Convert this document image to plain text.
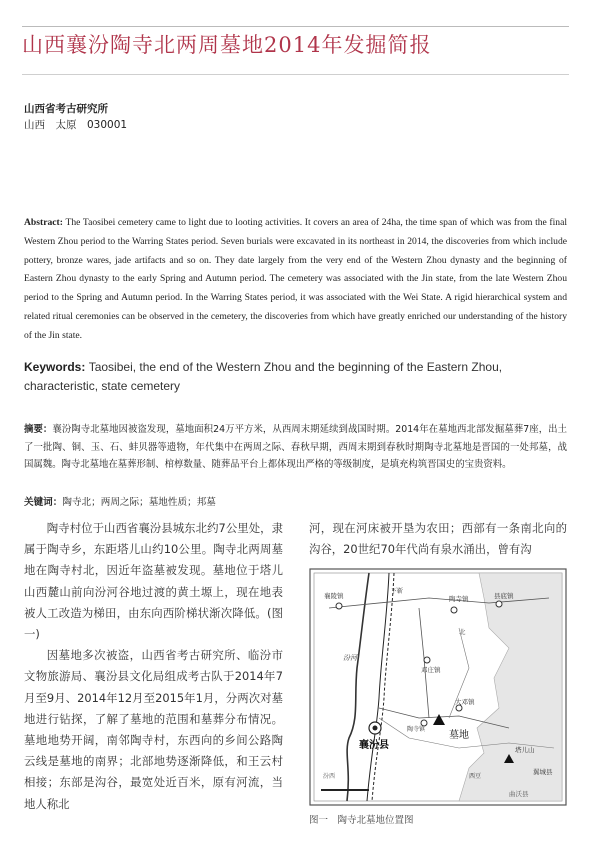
山西襄汾陶寺北两周墓地2014年发掘简报
山西省考古研究所
山西　太原　030001
Abstract: The Taosibei cemetery came to light due to looting activities. It covers an area of 24ha, the time span of which was from the final Western Zhou period to the Warring States period. Seven burials were excavated in its northeast in 2014, the discoveries from which include pottery, bronze wares, jade artifacts and so on. They date largely from the very end of the Western Zhou dynasty and the beginning of Eastern Zhou dynasty to the early Spring and Autumn period. The cemetery was associated with the Jin state, from the late Western Zhou period to the Spring and Autumn period. In the Warring States period, it was associated with the Wei State. A rigid hierarchical system and related ritual ceremonies can be observed in the cemetery, the discoveries from which have greatly enriched our understanding of the history of the Jin state.
Keywords: Taosibei, the end of the Western Zhou and the beginning of the Eastern Zhou, characteristic, state cemetery
摘要：襄汾陶寺北墓地因被盗发现，墓地面积24万平方米，从西周末期延续到战国时期。2014年在墓地西北部发掘墓葬7座，出土了一批陶、铜、玉、石、蚌贝器等遗物，年代集中在两周之际、春秋早期，西周末期到春秋时期陶寺北墓地是晋国的一处邦墓，战国属魏。陶寺北墓地在墓葬形制、棺椁数量、随葬品平台上都体现出严格的等级制度，是填充构筑晋国史的宝贵资料。
关键词：陶寺北；两周之际；墓地性质；邦墓

陶寺村位于山西省襄汾县城东北约7公里处，隶属于陶寺乡，东距塔儿山约10公里。陶寺北两周墓地在陶寺村北，因近年盗墓被发现。墓地位于塔儿山西麓山前向汾河谷地过渡的黄土塬上，现在地表被人工改造为梯田，由东向西阶梯状渐次降低。(图一)

因墓地多次被盗，山西省考古研究所、临汾市文物旅游局、襄汾县文化局组成考古队于2014年7月至9月、2014年12月至2015年1月，分两次对墓地进行钻探，了解了墓地的范围和墓葬分布情况。墓地地势开阔，南邻陶寺村，东西向的乡间公路陶云线是墓地的南界；北部地势逐渐降低，和王云村相接；东部是沟谷，最宽处近百米，原有河流，当地人称北

河，现在河床被开垦为农田；西部有一条南北向的沟谷，20世纪70年代尚有泉水涌出，曾有沟
襄陵镇
下靳
陶寺镇	县底镇
邓庄镇
汾河
北
大邓镇
襄汾县
陶寺镇
墓地
塔儿山
西豆
翼城县
曲沃县
汾西
图一　陶寺北墓地位置图
